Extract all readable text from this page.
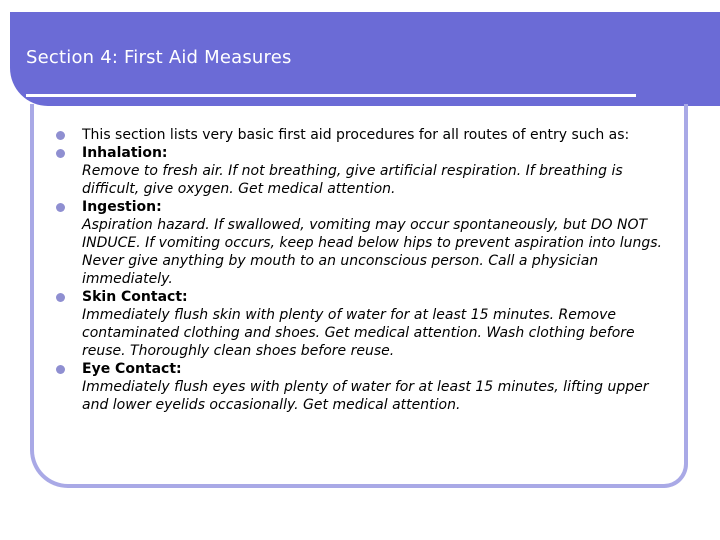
Section 4: First Aid Measures
This section lists very basic first aid procedures for all routes of entry such as:
Inhalation:
Remove to fresh air. If not breathing, give artificial respiration. If breathing is difficult, give oxygen. Get medical attention.
Ingestion:
Aspiration hazard. If swallowed, vomiting may occur spontaneously, but DO NOT INDUCE. If vomiting occurs, keep head below hips to prevent aspiration into lungs. Never give anything by mouth to an unconscious person. Call a physician immediately.
Skin Contact:
Immediately flush skin with plenty of water for at least 15 minutes. Remove contaminated clothing and shoes. Get medical attention. Wash clothing before reuse. Thoroughly clean shoes before reuse.
Eye Contact:
Immediately flush eyes with plenty of water for at least 15 minutes, lifting upper and lower eyelids occasionally. Get medical attention.
